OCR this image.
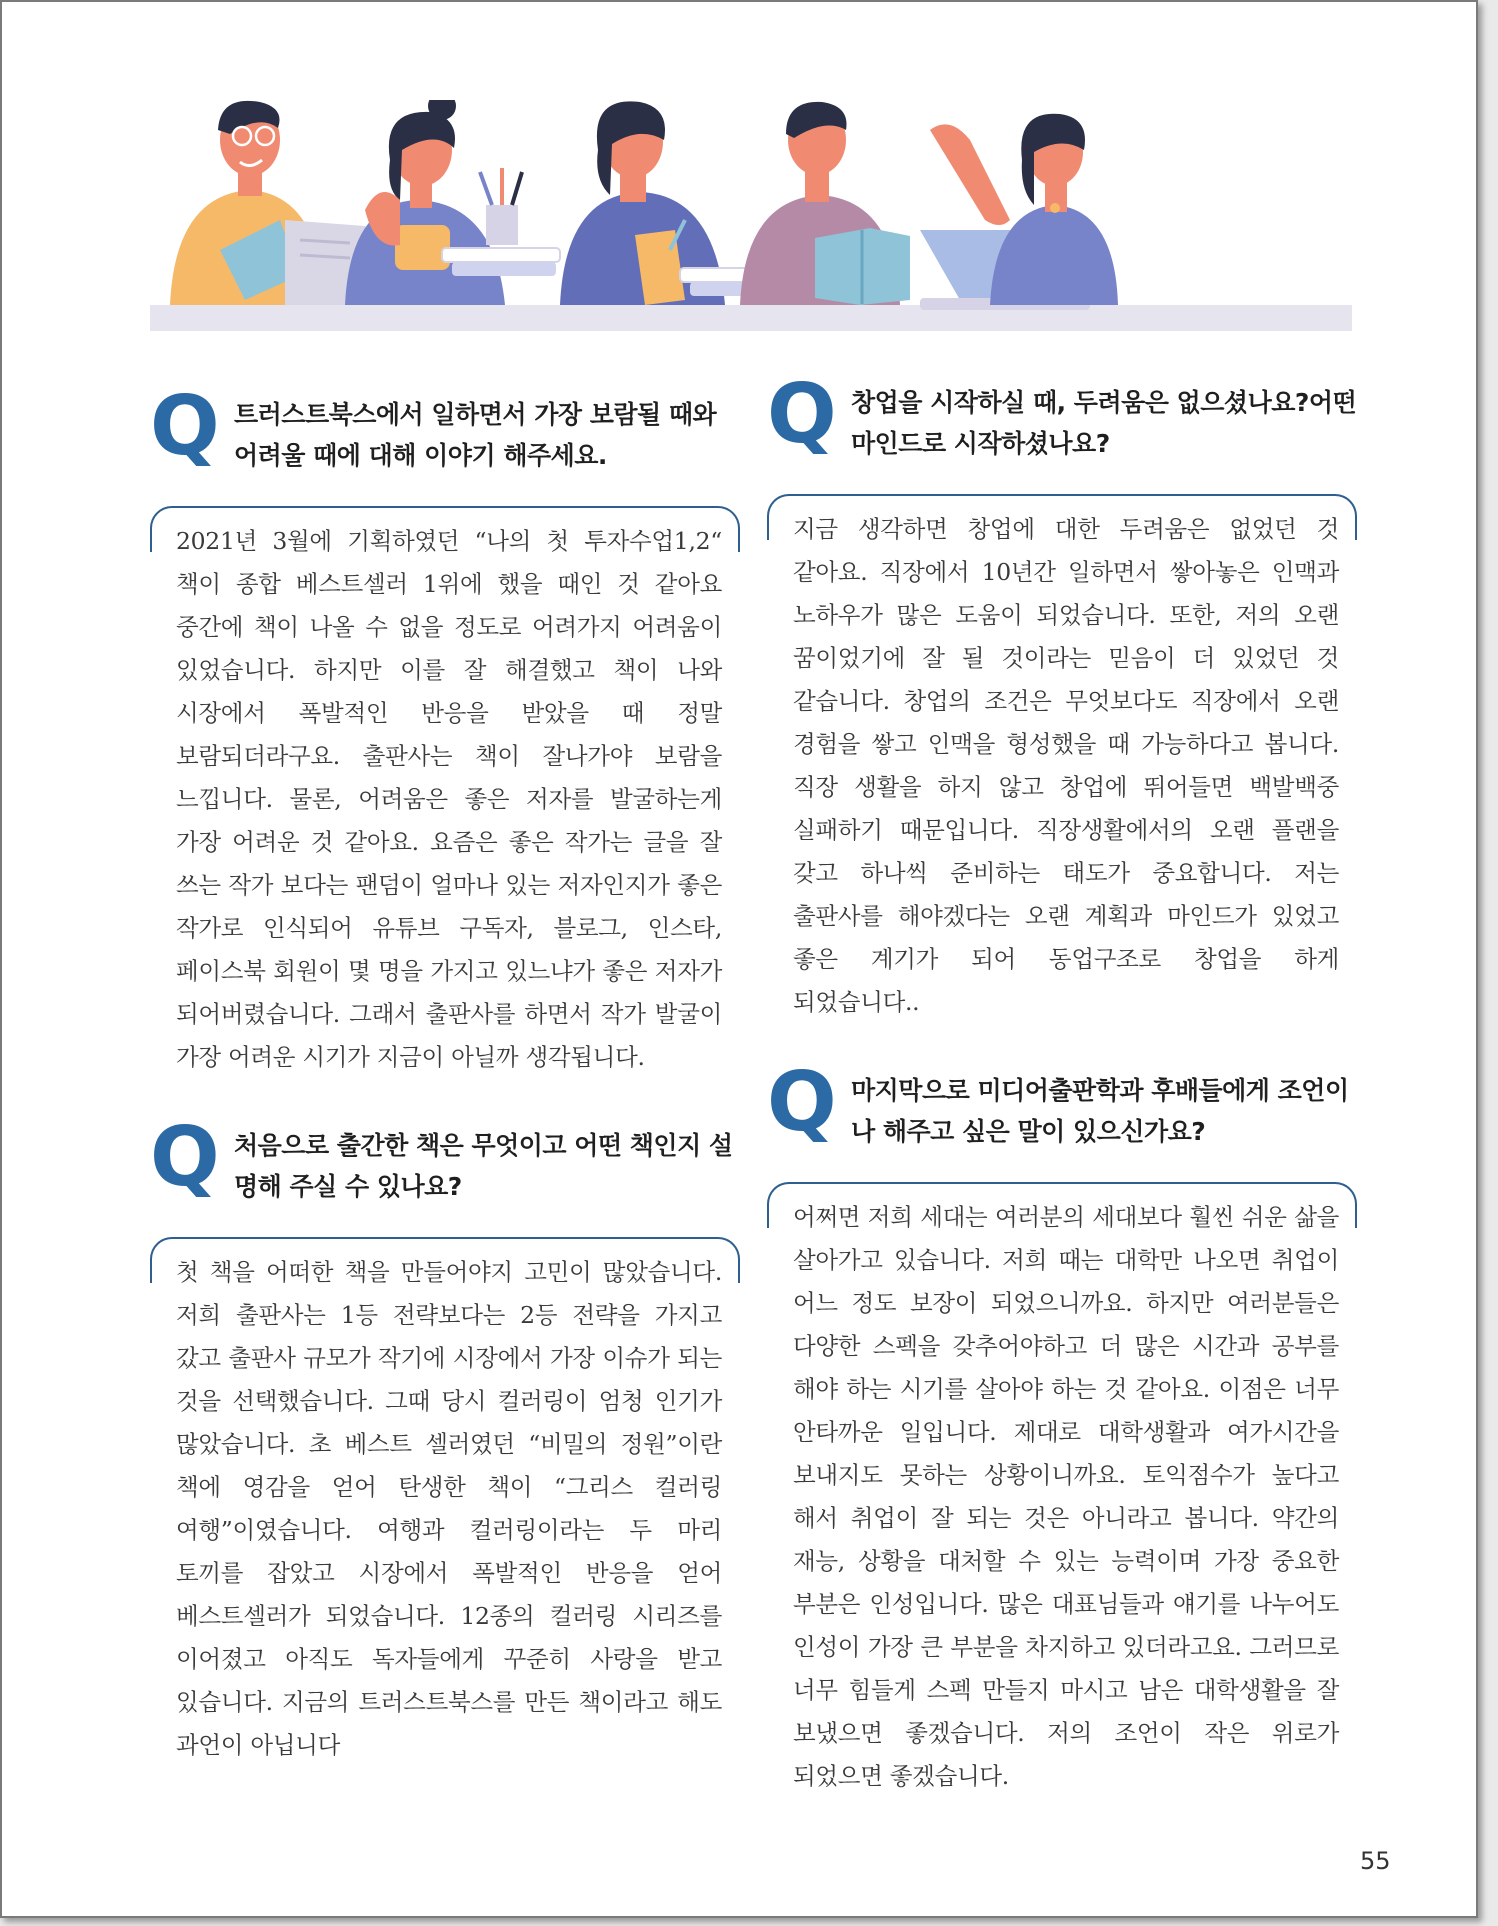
Q 트러스트북스에서 일하면서 가장 보람될 때와 어려울 때에 대해 이야기 해주세요.
2021년 3월에 기획하였던 “나의 첫 투자수업1,2“ 책이 종합 베스트셀러 1위에 했을 때인 것 같아요 중간에 책이 나올 수 없을 정도로 어려가지 어려움이 있었습니다. 하지만 이를 잘 해결했고 책이 나와 시장에서 폭발적인 반응을 받았을 때 정말 보람되더라구요. 출판사는 책이 잘나가야 보람을 느낍니다. 물론, 어려움은 좋은 저자를 발굴하는게 가장 어려운 것 같아요. 요즘은 좋은 작가는 글을 잘 쓰는 작가 보다는 팬덤이 얼마나 있는 저자인지가 좋은 작가로 인식되어 유튜브 구독자, 블로그, 인스타, 페이스북 회원이 몇 명을 가지고 있느냐가 좋은 저자가 되어버렸습니다. 그래서 출판사를 하면서 작가 발굴이 가장 어려운 시기가 지금이 아닐까 생각됩니다.
Q 처음으로 출간한 책은 무엇이고 어떤 책인지 설명해 주실 수 있나요?
첫 책을 어떠한 책을 만들어야지 고민이 많았습니다. 저희 출판사는 1등 전략보다는 2등 전략을 가지고 갔고 출판사 규모가 작기에 시장에서 가장 이슈가 되는 것을 선택했습니다. 그때 당시 컬러링이 엄청 인기가 많았습니다. 초 베스트 셀러였던 “비밀의 정원”이란 책에 영감을 얻어 탄생한 책이 “그리스 컬러링 여행”이였습니다. 여행과 컬러링이라는 두 마리 토끼를 잡았고 시장에서 폭발적인 반응을 얻어 베스트셀러가 되었습니다. 12종의 컬러링 시리즈를 이어졌고 아직도 독자들에게 꾸준히 사랑을 받고 있습니다. 지금의 트러스트북스를 만든 책이라고 해도 과언이 아닙니다
Q 창업을 시작하실 때, 두려움은 없으셨나요?어떤 마인드로 시작하셨나요?
지금 생각하면 창업에 대한 두려움은 없었던 것 같아요. 직장에서 10년간 일하면서 쌓아놓은 인맥과 노하우가 많은 도움이 되었습니다. 또한, 저의 오랜 꿈이었기에 잘 될 것이라는 믿음이 더 있었던 것 같습니다. 창업의 조건은 무엇보다도 직장에서 오랜 경험을 쌓고 인맥을 형성했을 때 가능하다고 봅니다. 직장 생활을 하지 않고 창업에 뛰어들면 백발백중 실패하기 때문입니다. 직장생활에서의 오랜 플랜을 갖고 하나씩 준비하는 태도가 중요합니다. 저는 출판사를 해야겠다는 오랜 계획과 마인드가 있었고 좋은 계기가 되어 동업구조로 창업을 하게 되었습니다..
Q 마지막으로 미디어출판학과 후배들에게 조언이나 해주고 싶은 말이 있으신가요?
어쩌면 저희 세대는 여러분의 세대보다 훨씬 쉬운 삶을 살아가고 있습니다. 저희 때는 대학만 나오면 취업이 어느 정도 보장이 되었으니까요. 하지만 여러분들은 다양한 스펙을 갖추어야하고 더 많은 시간과 공부를 해야 하는 시기를 살아야 하는 것 같아요. 이점은 너무 안타까운 일입니다. 제대로 대학생활과 여가시간을 보내지도 못하는 상황이니까요. 토익점수가 높다고 해서 취업이 잘 되는 것은 아니라고 봅니다. 약간의 재능, 상황을 대처할 수 있는 능력이며 가장 중요한 부분은 인성입니다. 많은 대표님들과 얘기를 나누어도 인성이 가장 큰 부분을 차지하고 있더라고요. 그러므로 너무 힘들게 스펙 만들지 마시고 남은 대학생활을 잘 보냈으면 좋겠습니다. 저의 조언이 작은 위로가 되었으면 좋겠습니다.
55
